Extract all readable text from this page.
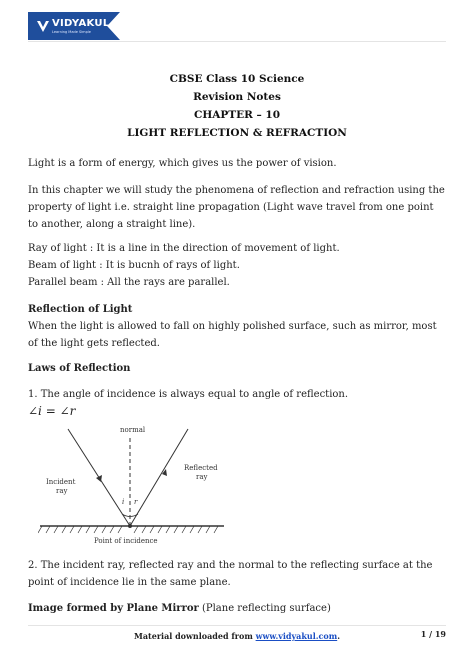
VIDYAKUL
Learning Made Simple
CBSE Class 10 Science
Revision Notes
CHAPTER – 10
LIGHT REFLECTION & REFRACTION

Light is a form of energy, which gives us the power of vision.

In this chapter we will study the phenomena of reflection and refraction using the property of light i.e. straight line propagation (Light wave travel from one point to another, along a straight line).

Ray of light : It is a line in the direction of movement of light.

Beam of light : It is bucnh of rays of light.

Parallel beam : All the rays are parallel.

Reflection of Light

When the light is allowed to fall on highly polished surface, such as mirror, most of the light gets reflected.

Laws of Reflection

1. The angle of incidence is always equal to angle of reflection.

∠i = ∠r

normal
i r
Incident
ray
Reflected
ray
Point of incidence

2. The incident ray, reflected ray and the normal to the reflecting surface at the point of incidence lie in the same plane.

Image formed by Plane Mirror (Plane reflecting surface)

Material downloaded from www.vidyakul.com.	1 / 19
